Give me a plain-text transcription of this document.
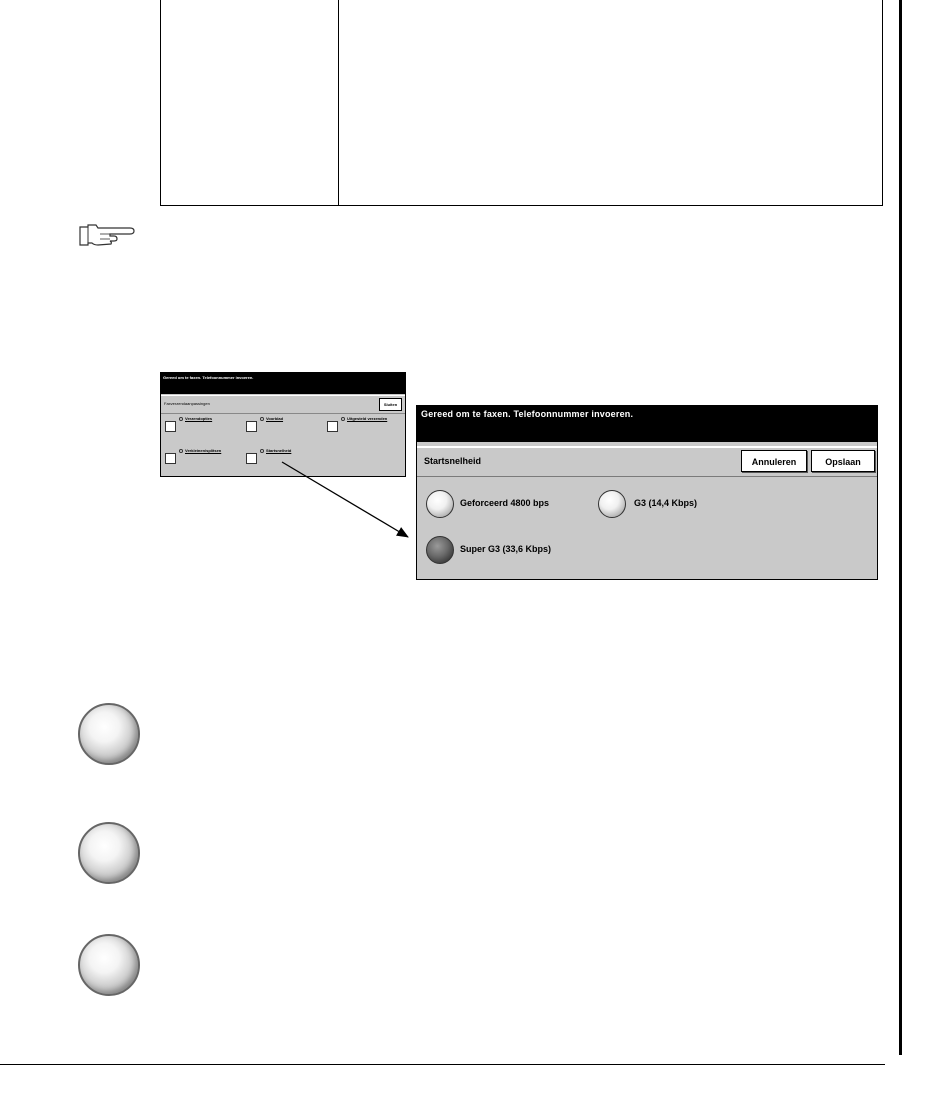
Gereed om te faxen. Telefoonnummer invoeren.
Faxverzendaanpassingen	Sluiten
Verzendopties	Voorblad	Uitgesteld verzenden
Verkleinen/splitsen	Startsnelheid
Gereed om te faxen. Telefoonnummer invoeren.
Startsnelheid	Annuleren	Opslaan
Geforceerd 4800 bps	G3 (14,4 Kbps)
Super G3 (33,6 Kbps)
